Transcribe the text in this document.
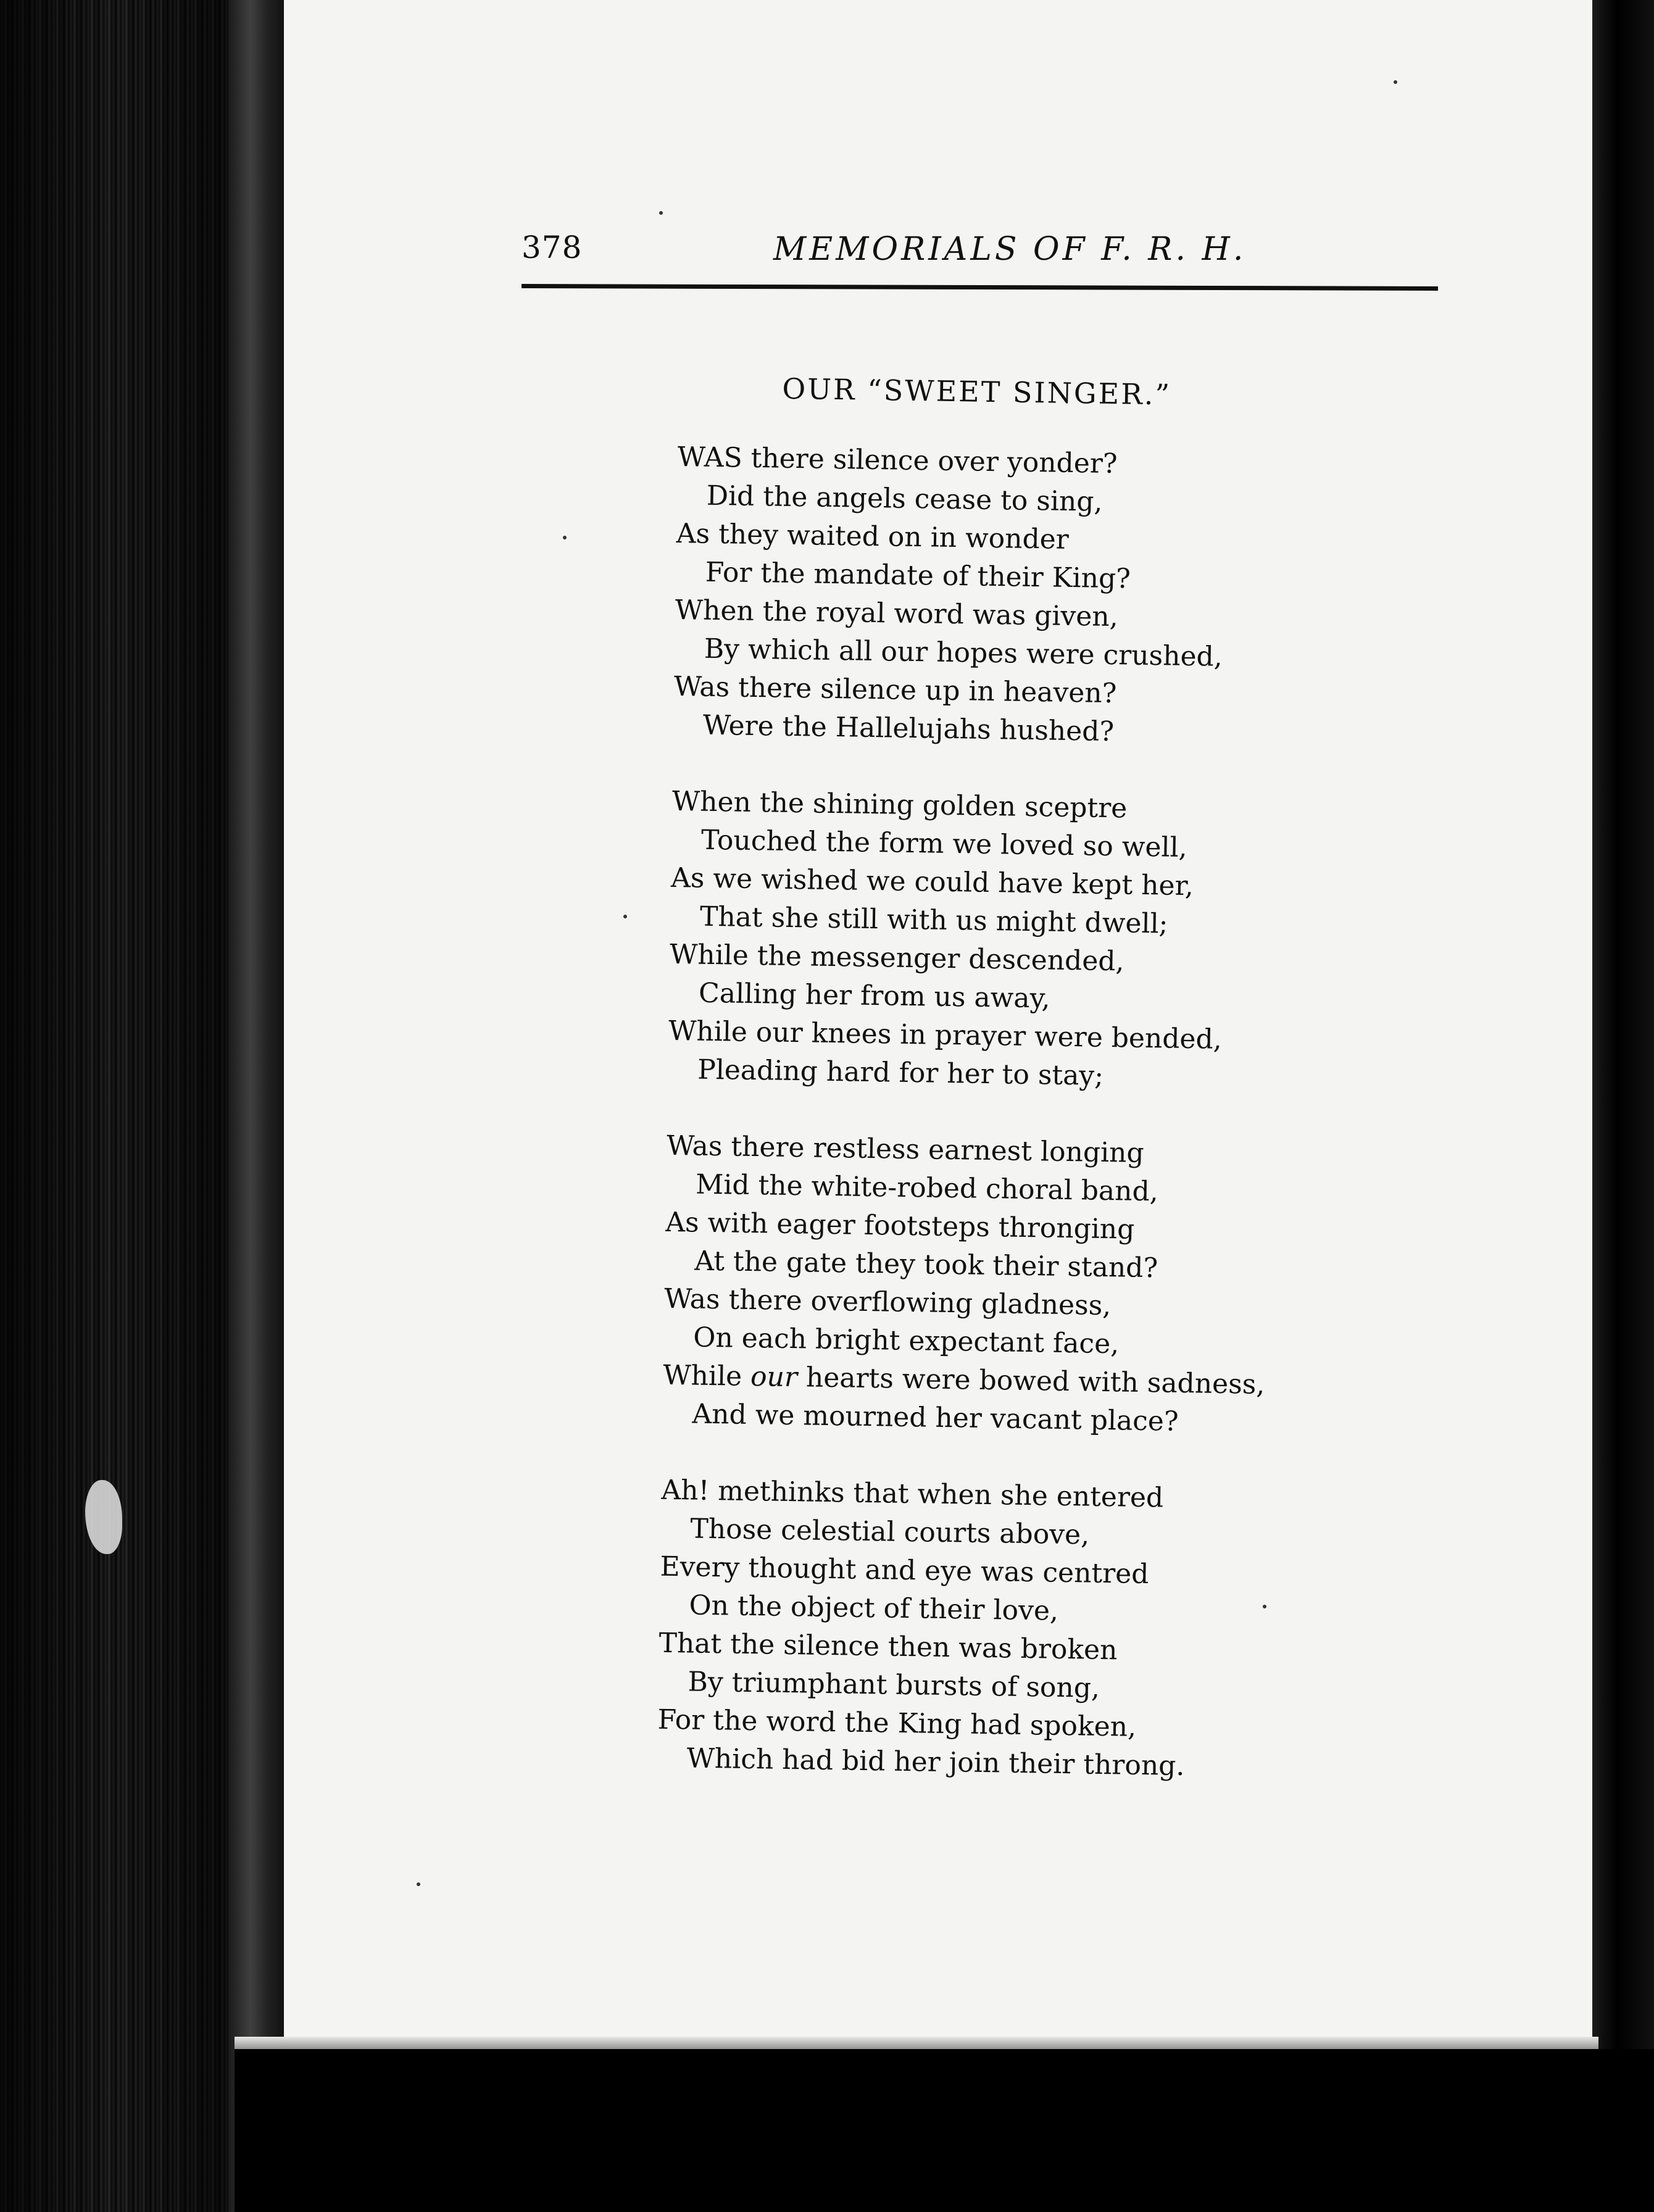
378	MEMORIALS OF F. R. H.
OUR “SWEET SINGER.”
WAS there silence over yonder?
Did the angels cease to sing,
As they waited on in wonder
For the mandate of their King?
When the royal word was given,
By which all our hopes were crushed,
Was there silence up in heaven?
Were the Hallelujahs hushed?
When the shining golden sceptre
Touched the form we loved so well,
As we wished we could have kept her,
That she still with us might dwell;
While the messenger descended,
Calling her from us away,
While our knees in prayer were bended,
Pleading hard for her to stay;
Was there restless earnest longing
Mid the white-robed choral band,
As with eager footsteps thronging
At the gate they took their stand?
Was there overflowing gladness,
On each bright expectant face,
While our hearts were bowed with sadness,
And we mourned her vacant place?
Ah! methinks that when she entered
Those celestial courts above,
Every thought and eye was centred
On the object of their love,
That the silence then was broken
By triumphant bursts of song,
For the word the King had spoken,
Which had bid her join their throng.
